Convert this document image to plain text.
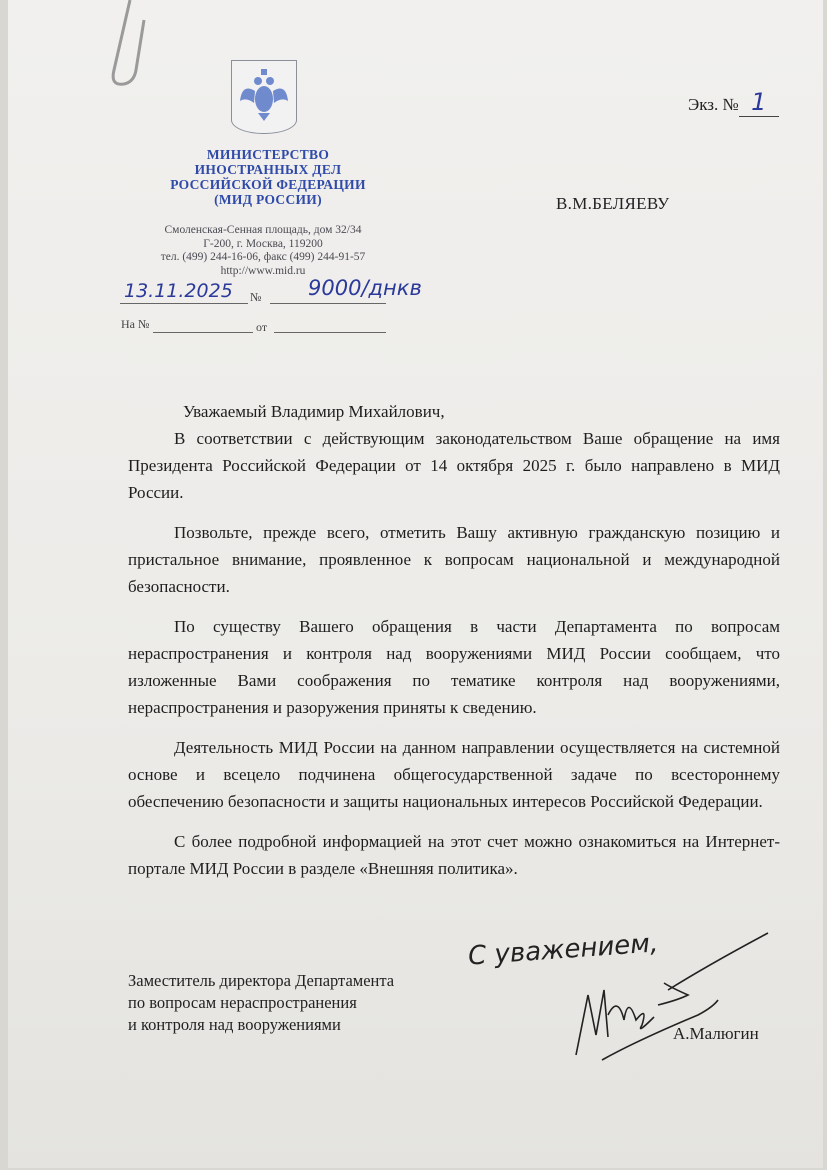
МИНИСТЕРСТВО
ИНОСТРАННЫХ ДЕЛ
РОССИЙСКОЙ ФЕДЕРАЦИИ
(МИД РОССИИ)
Смоленская-Сенная площадь, дом 32/34
Г-200, г. Москва, 119200
тел. (499) 244-16-06, факс (499) 244-91-57
http://www.mid.ru
13.11.2025 № 9000/днкв
На №	от
Экз. № 1
В.М.БЕЛЯЕВУ

Уважаемый Владимир Михайлович,

В соответствии с действующим законодательством Ваше обращение на имя Президента Российской Федерации от 14 октября 2025 г. было направлено в МИД России.

Позвольте, прежде всего, отметить Вашу активную гражданскую позицию и пристальное внимание, проявленное к вопросам национальной и международной безопасности.

По существу Вашего обращения в части Департамента по вопросам нераспространения и контроля над вооружениями МИД России сообщаем, что изложенные Вами соображения по тематике контроля над вооружениями, нераспространения и разоружения приняты к сведению.

Деятельность МИД России на данном направлении осуществляется на системной основе и всецело подчинена общегосударственной задаче по всестороннему обеспечению безопасности и защиты национальных интересов Российской Федерации.

С более подробной информацией на этот счет можно ознакомиться на Интернет-портале МИД России в разделе «Внешняя политика».

С уважением,
Заместитель директора Департамента
по вопросам нераспространения
и контроля над вооружениями	А.Малюгин
